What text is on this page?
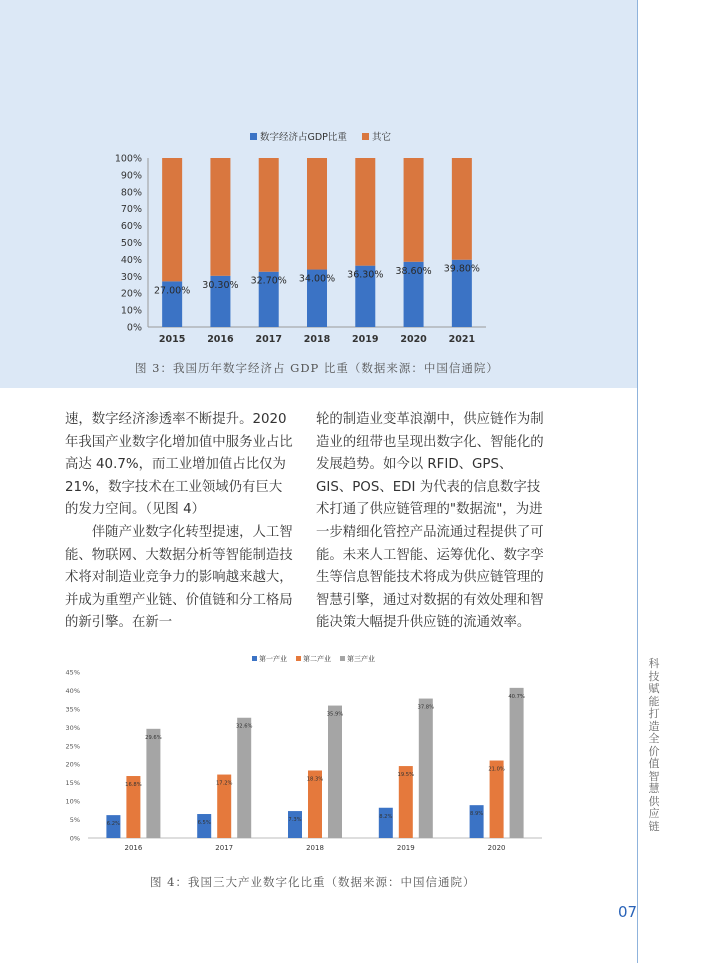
科技赋能打造全价值智慧供应链
07
0%
10%
20%
30%
40%
50%
60%
70%
80%
90%
100%
2015
27.00%
2016
30.30%
2017
32.70%
2018
34.00%
2019
36.30%
2020
38.60%
2021
39.80%
数字经济占GDP比重	其它
图 3：我国历年数字经济占 GDP 比重（数据来源：中国信通院）

速，数字经济渗透率不断提升。2020 年我国产业数字化增加值中服务业占比高达 40.7%，而工业增加值占比仅为 21%，数字技术在工业领域仍有巨大的发力空间。（见图 4）

伴随产业数字化转型提速，人工智能、物联网、大数据分析等智能制造技术将对制造业竞争力的影响越来越大，并成为重塑产业链、价值链和分工格局的新引擎。在新一

轮的制造业变革浪潮中，供应链作为制造业的纽带也呈现出数字化、智能化的发展趋势。如今以 RFID、GPS、GIS、POS、EDI 为代表的信息数字技术打通了供应链管理的"数据流"，为进一步精细化管控产品流通过程提供了可能。未来人工智能、运筹优化、数字孪生等信息智能技术将成为供应链管理的智慧引擎，通过对数据的有效处理和智能决策大幅提升供应链的流通效率。

0%
5%
10%
15%
20%
25%
30%
35%
40%
45%
6.2%
16.8%
29.6%
2016
6.5%
17.2%
32.6%
2017
7.3%
18.3%
35.9%
2018
8.2%
19.5%
37.8%
2019
8.9%
21.0%
40.7%
2020
第一产业 第二产业 第三产业
图 4：我国三大产业数字化比重（数据来源：中国信通院）
